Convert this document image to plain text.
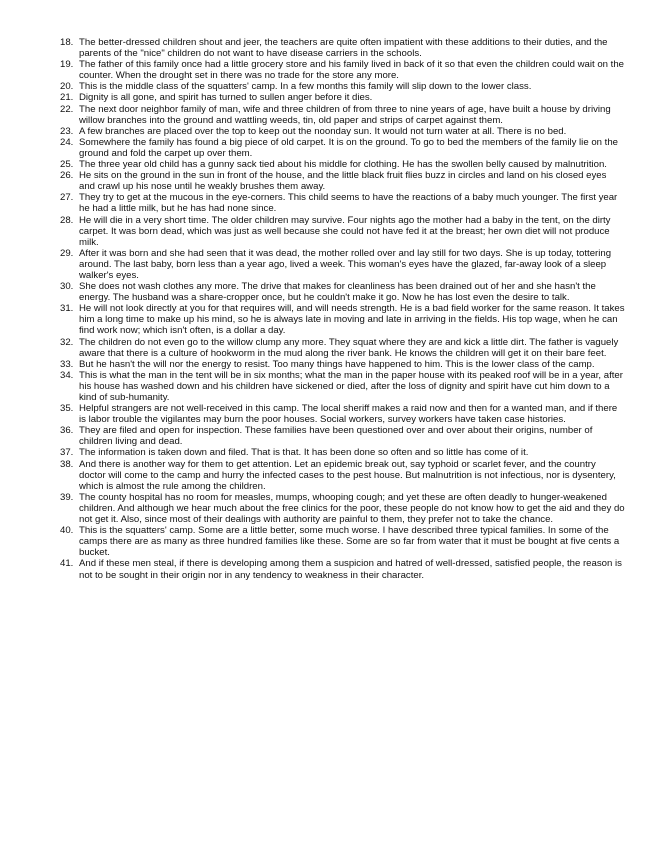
18. The better-dressed children shout and jeer, the teachers are quite often impatient with these additions to their duties, and the parents of the "nice" children do not want to have disease carriers in the schools.
19. The father of this family once had a little grocery store and his family lived in back of it so that even the children could wait on the counter. When the drought set in there was no trade for the store any more.
20. This is the middle class of the squatters' camp. In a few months this family will slip down to the lower class.
21. Dignity is all gone, and spirit has turned to sullen anger before it dies.
22. The next door neighbor family of man, wife and three children of from three to nine years of age, have built a house by driving willow branches into the ground and wattling weeds, tin, old paper and strips of carpet against them.
23. A few branches are placed over the top to keep out the noonday sun. It would not turn water at all. There is no bed.
24. Somewhere the family has found a big piece of old carpet. It is on the ground. To go to bed the members of the family lie on the ground and fold the carpet up over them.
25. The three year old child has a gunny sack tied about his middle for clothing. He has the swollen belly caused by malnutrition.
26. He sits on the ground in the sun in front of the house, and the little black fruit flies buzz in circles and land on his closed eyes and crawl up his nose until he weakly brushes them away.
27. They try to get at the mucous in the eye-corners. This child seems to have the reactions of a baby much younger. The first year he had a little milk, but he has had none since.
28. He will die in a very short time. The older children may survive. Four nights ago the mother had a baby in the tent, on the dirty carpet. It was born dead, which was just as well because she could not have fed it at the breast; her own diet will not produce milk.
29. After it was born and she had seen that it was dead, the mother rolled over and lay still for two days. She is up today, tottering around. The last baby, born less than a year ago, lived a week. This woman's eyes have the glazed, far-away look of a sleep walker's eyes.
30. She does not wash clothes any more. The drive that makes for cleanliness has been drained out of her and she hasn't the energy. The husband was a share-cropper once, but he couldn't make it go. Now he has lost even the desire to talk.
31. He will not look directly at you for that requires will, and will needs strength. He is a bad field worker for the same reason. It takes him a long time to make up his mind, so he is always late in moving and late in arriving in the fields. His top wage, when he can find work now; which isn't often, is a dollar a day.
32. The children do not even go to the willow clump any more. They squat where they are and kick a little dirt. The father is vaguely aware that there is a culture of hookworm in the mud along the river bank. He knows the children will get it on their bare feet.
33. But he hasn't the will nor the energy to resist. Too many things have happened to him. This is the lower class of the camp.
34. This is what the man in the tent will be in six months; what the man in the paper house with its peaked roof will be in a year, after his house has washed down and his children have sickened or died, after the loss of dignity and spirit have cut him down to a kind of sub-humanity.
35. Helpful strangers are not well-received in this camp. The local sheriff makes a raid now and then for a wanted man, and if there is labor trouble the vigilantes may burn the poor houses. Social workers, survey workers have taken case histories.
36. They are filed and open for inspection. These families have been questioned over and over about their origins, number of children living and dead.
37. The information is taken down and filed. That is that. It has been done so often and so little has come of it.
38. And there is another way for them to get attention. Let an epidemic break out, say typhoid or scarlet fever, and the country doctor will come to the camp and hurry the infected cases to the pest house. But malnutrition is not infectious, nor is dysentery, which is almost the rule among the children.
39. The county hospital has no room for measles, mumps, whooping cough; and yet these are often deadly to hunger-weakened children. And although we hear much about the free clinics for the poor, these people do not know how to get the aid and they do not get it. Also, since most of their dealings with authority are painful to them, they prefer not to take the chance.
40. This is the squatters' camp. Some are a little better, some much worse. I have described three typical families. In some of the camps there are as many as three hundred families like these. Some are so far from water that it must be bought at five cents a bucket.
41. And if these men steal, if there is developing among them a suspicion and hatred of well-dressed, satisfied people, the reason is not to be sought in their origin nor in any tendency to weakness in their character.
